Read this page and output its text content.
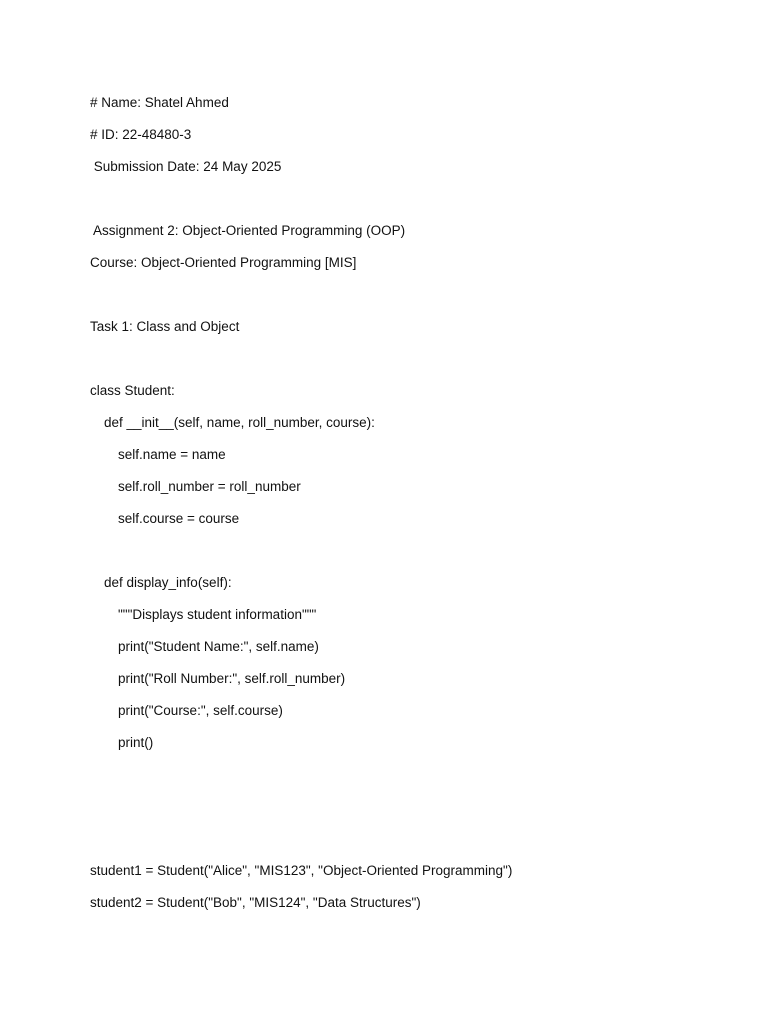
# Name: Shatel Ahmed
# ID: 22-48480-3
Submission Date: 24 May 2025
Assignment 2: Object-Oriented Programming (OOP)
Course: Object-Oriented Programming [MIS]
Task 1: Class and Object
class Student:
def __init__(self, name, roll_number, course):
self.name = name
self.roll_number = roll_number
self.course = course
def display_info(self):
"""Displays student information"""
print("Student Name:", self.name)
print("Roll Number:", self.roll_number)
print("Course:", self.course)
print()
student1 = Student("Alice", "MIS123", "Object-Oriented Programming")
student2 = Student("Bob", "MIS124", "Data Structures")
